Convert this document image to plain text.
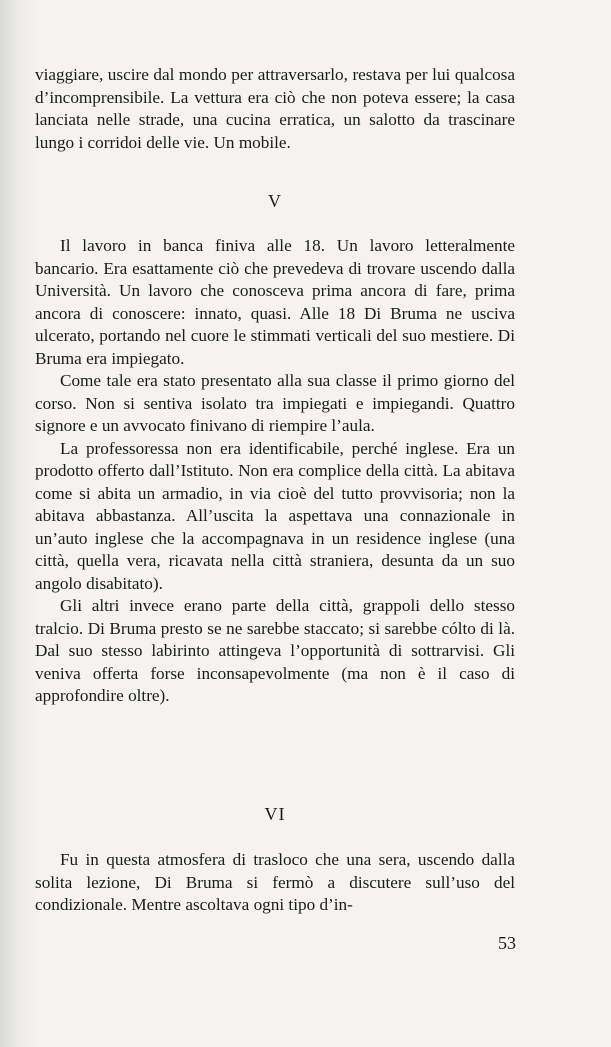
viaggiare, uscire dal mondo per attraversarlo, restava per lui qualcosa d’incomprensibile. La vettura era ciò che non poteva essere; la casa lanciata nelle strade, una cucina erratica, un salotto da trascinare lungo i corridoi delle vie. Un mobile.

V

Il lavoro in banca finiva alle 18. Un lavoro letteralmente bancario. Era esattamente ciò che prevedeva di trovare uscendo dalla Università. Un lavoro che conosceva prima ancora di fare, prima ancora di conoscere: innato, quasi. Alle 18 Di Bruma ne usciva ulcerato, portando nel cuore le stimmati verticali del suo mestiere. Di Bruma era impiegato.

Come tale era stato presentato alla sua classe il primo giorno del corso. Non si sentiva isolato tra impiegati e impiegandi. Quattro signore e un avvocato finivano di riempire l’aula.

La professoressa non era identificabile, perché inglese. Era un prodotto offerto dall’Istituto. Non era complice della città. La abitava come si abita un armadio, in via cioè del tutto provvisoria; non la abitava abbastanza. All’uscita la aspettava una connazionale in un’auto inglese che la accompagnava in un residence inglese (una città, quella vera, ricavata nella città straniera, desunta da un suo angolo disabitato).

Gli altri invece erano parte della città, grappoli dello stesso tralcio. Di Bruma presto se ne sarebbe staccato; si sarebbe cólto di là. Dal suo stesso labirinto attingeva l’opportunità di sottrarvisi. Gli veniva offerta forse inconsapevolmente (ma non è il caso di approfondire oltre).

VI

Fu in questa atmosfera di trasloco che una sera, uscendo dalla solita lezione, Di Bruma si fermò a discutere sull’uso del condizionale. Mentre ascoltava ogni tipo d’in-

53
